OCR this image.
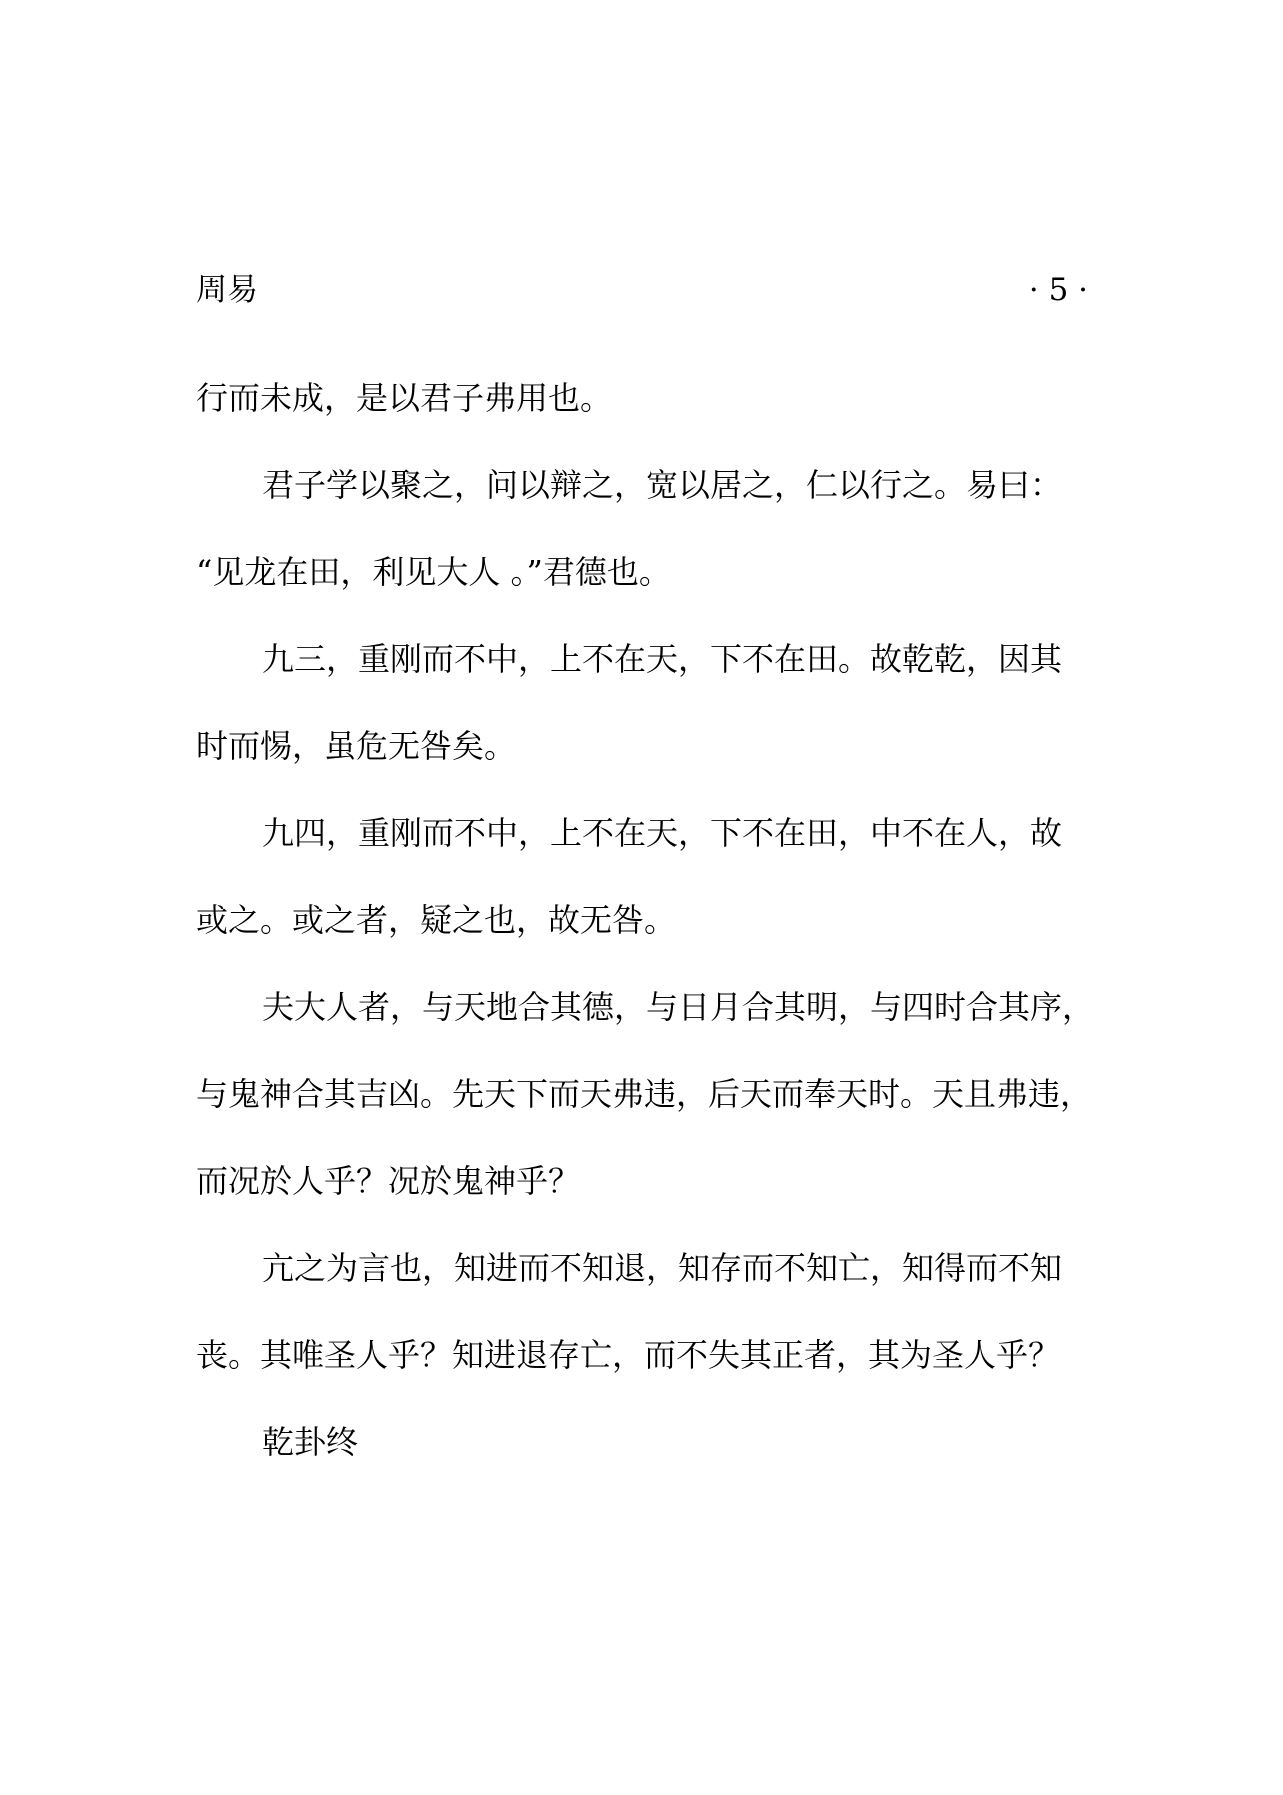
周易	· 5 ·

行而未成，是以君子弗用也。

君子学以聚之，问以辩之，宽以居之，仁以行之。易曰：

“见龙在田，利见大人 。”君德也。

九三，重刚而不中，上不在天，下不在田。故乾乾，因其

时而惕，虽危无咎矣。

九四，重刚而不中，上不在天，下不在田，中不在人，故

或之。或之者，疑之也，故无咎。

夫大人者，与天地合其德，与日月合其明，与四时合其序，

与鬼神合其吉凶。先天下而天弗违，后天而奉天时。天且弗违，

而况於人乎？况於鬼神乎？

亢之为言也，知进而不知退，知存而不知亡，知得而不知

丧。其唯圣人乎？知进退存亡，而不失其正者，其为圣人乎？

乾卦终
